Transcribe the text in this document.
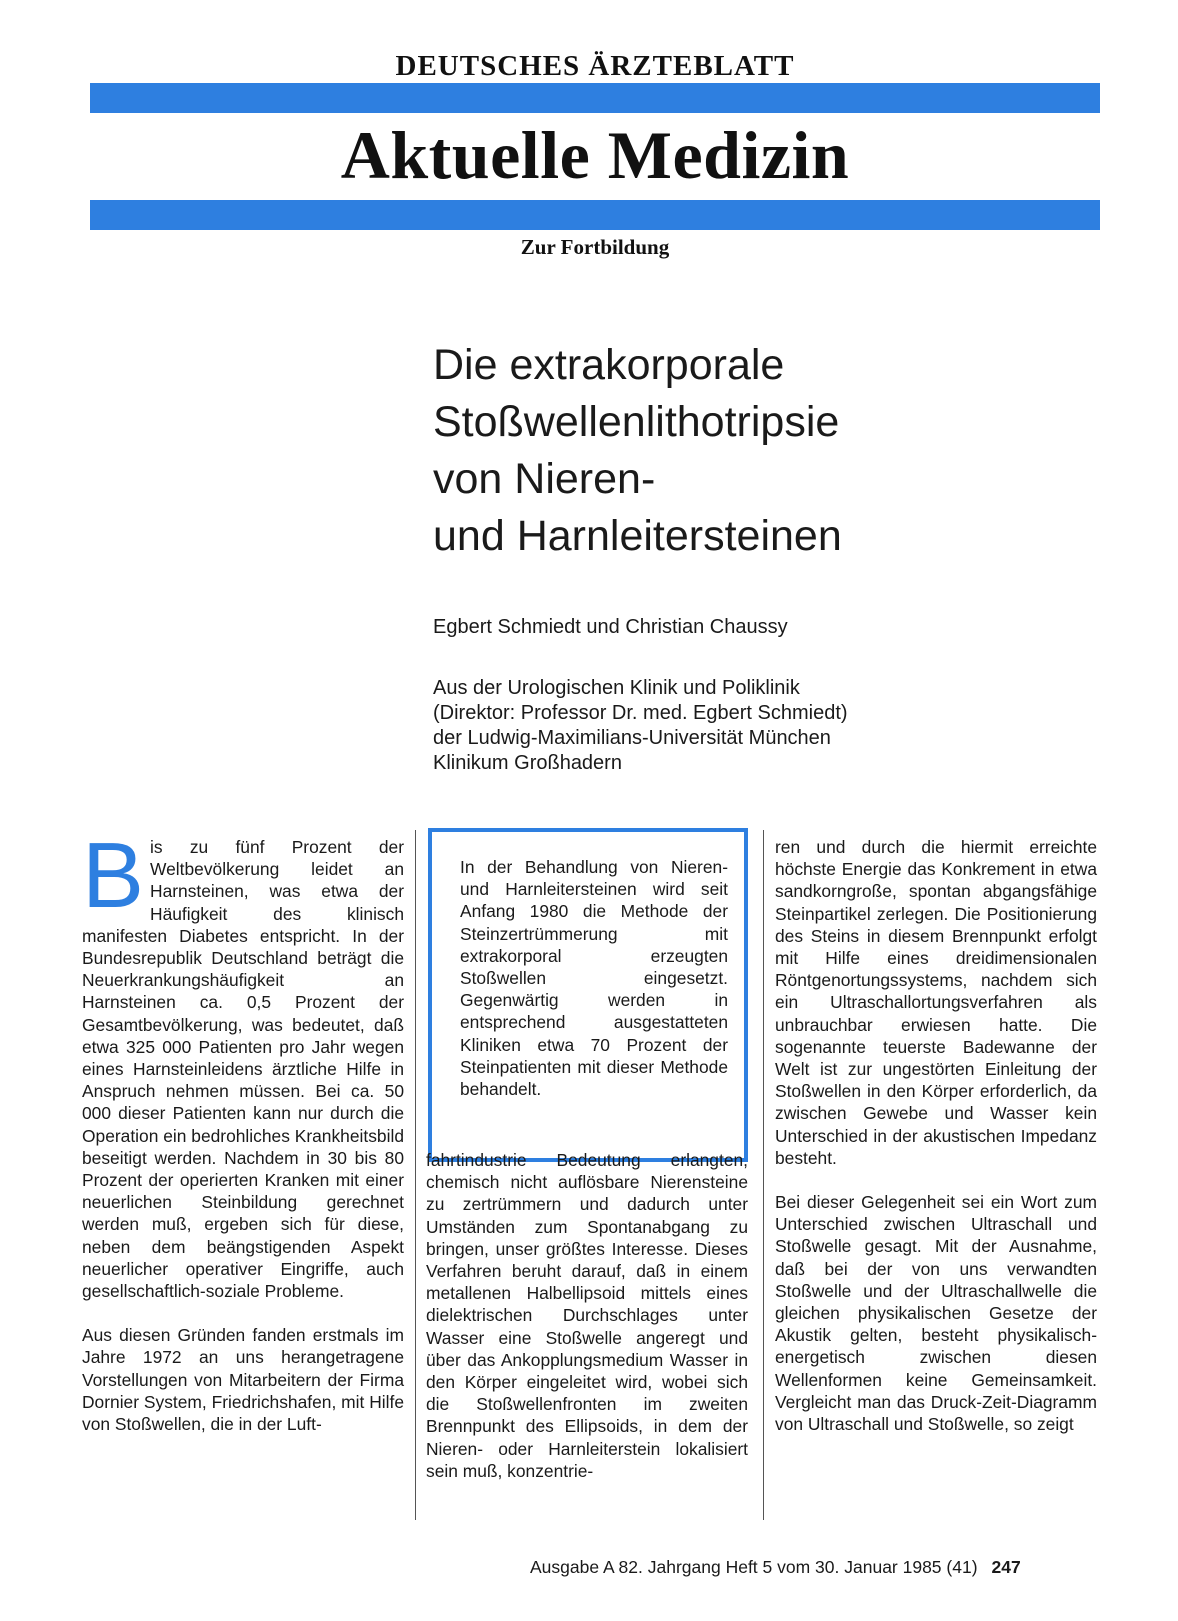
DEUTSCHES ÄRZTEBLATT
Aktuelle Medizin
Zur Fortbildung
Die extrakorporale
Stoßwellenlithotripsie
von Nieren-
und Harnleitersteinen
Egbert Schmiedt und Christian Chaussy
Aus der Urologischen Klinik und Poliklinik
(Direktor: Professor Dr. med. Egbert Schmiedt)
der Ludwig-Maximilians-Universität München
Klinikum Großhadern

Bis zu fünf Prozent der Weltbevölkerung leidet an Harnsteinen, was etwa der Häufigkeit des klinisch manifesten Diabetes entspricht. In der Bundesrepublik Deutschland beträgt die Neuerkrankungshäufigkeit an Harnsteinen ca. 0,5 Prozent der Gesamtbevölkerung, was bedeutet, daß etwa 325 000 Patienten pro Jahr wegen eines Harnsteinleidens ärztliche Hilfe in Anspruch nehmen müssen. Bei ca. 50 000 dieser Patienten kann nur durch die Operation ein bedrohliches Krankheitsbild beseitigt werden. Nachdem in 30 bis 80 Prozent der operierten Kranken mit einer neuerlichen Steinbildung gerechnet werden muß, ergeben sich für diese, neben dem beängstigenden Aspekt neuerlicher operativer Eingriffe, auch gesellschaftlich-soziale Probleme.

Aus diesen Gründen fanden erstmals im Jahre 1972 an uns herangetragene Vorstellungen von Mitarbeitern der Firma Dornier System, Friedrichshafen, mit Hilfe von Stoßwellen, die in der Luft-

In der Behandlung von Nieren- und Harnleitersteinen wird seit Anfang 1980 die Methode der Steinzertrümmerung mit extrakorporal erzeugten Stoßwellen eingesetzt. Gegenwärtig werden in entsprechend ausgestatteten Kliniken etwa 70 Prozent der Steinpatienten mit dieser Methode behandelt.

fahrtindustrie Bedeutung erlangten, chemisch nicht auflösbare Nierensteine zu zertrümmern und dadurch unter Umständen zum Spontanabgang zu bringen, unser größtes Interesse. Dieses Verfahren beruht darauf, daß in einem metallenen Halbellipsoid mittels eines dielektrischen Durchschlages unter Wasser eine Stoßwelle angeregt und über das Ankopplungsmedium Wasser in den Körper eingeleitet wird, wobei sich die Stoßwellenfronten im zweiten Brennpunkt des Ellipsoids, in dem der Nieren- oder Harnleiterstein lokalisiert sein muß, konzentrie-

ren und durch die hiermit erreichte höchste Energie das Konkrement in etwa sandkorngroße, spontan abgangsfähige Steinpartikel zerlegen. Die Positionierung des Steins in diesem Brennpunkt erfolgt mit Hilfe eines dreidimensionalen Röntgenortungssystems, nachdem sich ein Ultraschallortungsverfahren als unbrauchbar erwiesen hatte. Die sogenannte teuerste Badewanne der Welt ist zur ungestörten Einleitung der Stoßwellen in den Körper erforderlich, da zwischen Gewebe und Wasser kein Unterschied in der akustischen Impedanz besteht.

Bei dieser Gelegenheit sei ein Wort zum Unterschied zwischen Ultraschall und Stoßwelle gesagt. Mit der Ausnahme, daß bei der von uns verwandten Stoßwelle und der Ultraschallwelle die gleichen physikalischen Gesetze der Akustik gelten, besteht physikalisch-energetisch zwischen diesen Wellenformen keine Gemeinsamkeit. Vergleicht man das Druck-Zeit-Diagramm von Ultraschall und Stoßwelle, so zeigt

Ausgabe A 82. Jahrgang Heft 5 vom 30. Januar 1985 (41) 247
